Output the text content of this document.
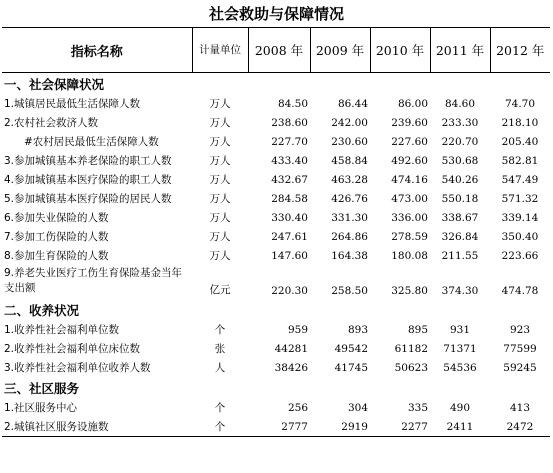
社会救助与保障情况
指标名称	计量单位	2008 年	2009 年	2010 年	2011 年	2012 年
一、社会保障状况						
1.城镇居民最低生活保障人数	万人	84.50	86.44	86.00	84.60	74.70
2.农村社会救济人数	万人	238.60	242.00	239.60	233.30	218.10
#农村居民最低生活保障人数	万人	227.70	230.60	227.60	220.70	205.40
3.参加城镇基本养老保险的职工人数	万人	433.40	458.84	492.60	530.68	582.81
4.参加城镇基本医疗保险的职工人数	万人	432.67	463.28	474.16	540.26	547.49
5.参加城镇基本医疗保险的居民人数	万人	284.58	426.76	473.00	550.18	571.32
6.参加失业保险的人数	万人	330.40	331.30	336.00	338.67	339.14
7.参加工伤保险的人数	万人	247.61	264.86	278.59	326.84	350.40
8.参加生育保险的人数	万人	147.60	164.38	180.08	211.55	223.66
9.养老失业医疗工伤生育保险基金当年支出额	亿元	220.30	258.50	325.80	374.30	474.78
二、收养状况						
1.收养性社会福利单位数	个	959	893	895	931	923
2.收养性社会福利单位床位数	张	44281	49542	61182	71371	77599
3.收养性社会福利单位收养人数	人	38426	41745	50623	54536	59245
三、社区服务						
1.社区服务中心	个	256	304	335	490	413
2.城镇社区服务设施数	个	2777	2919	2277	2411	2472
